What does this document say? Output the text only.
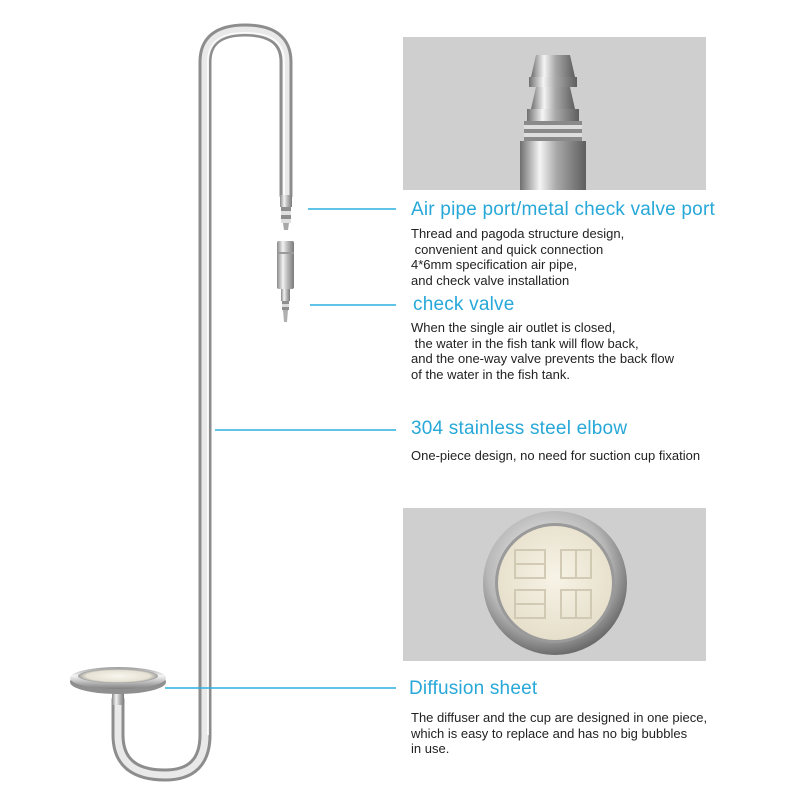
Air pipe port/metal check valve port

Thread and pagoda structure design,
convenient and quick connection
4*6mm specification air pipe,
and check valve installation

check valve

When the single air outlet is closed,
the water in the fish tank will flow back,
and the one-way valve prevents the back flow
of the water in the fish tank.

304 stainless steel elbow

One-piece design, no need for suction cup fixation

Diffusion sheet

The diffuser and the cup are designed in one piece,
which is easy to replace and has no big bubbles
in use.
